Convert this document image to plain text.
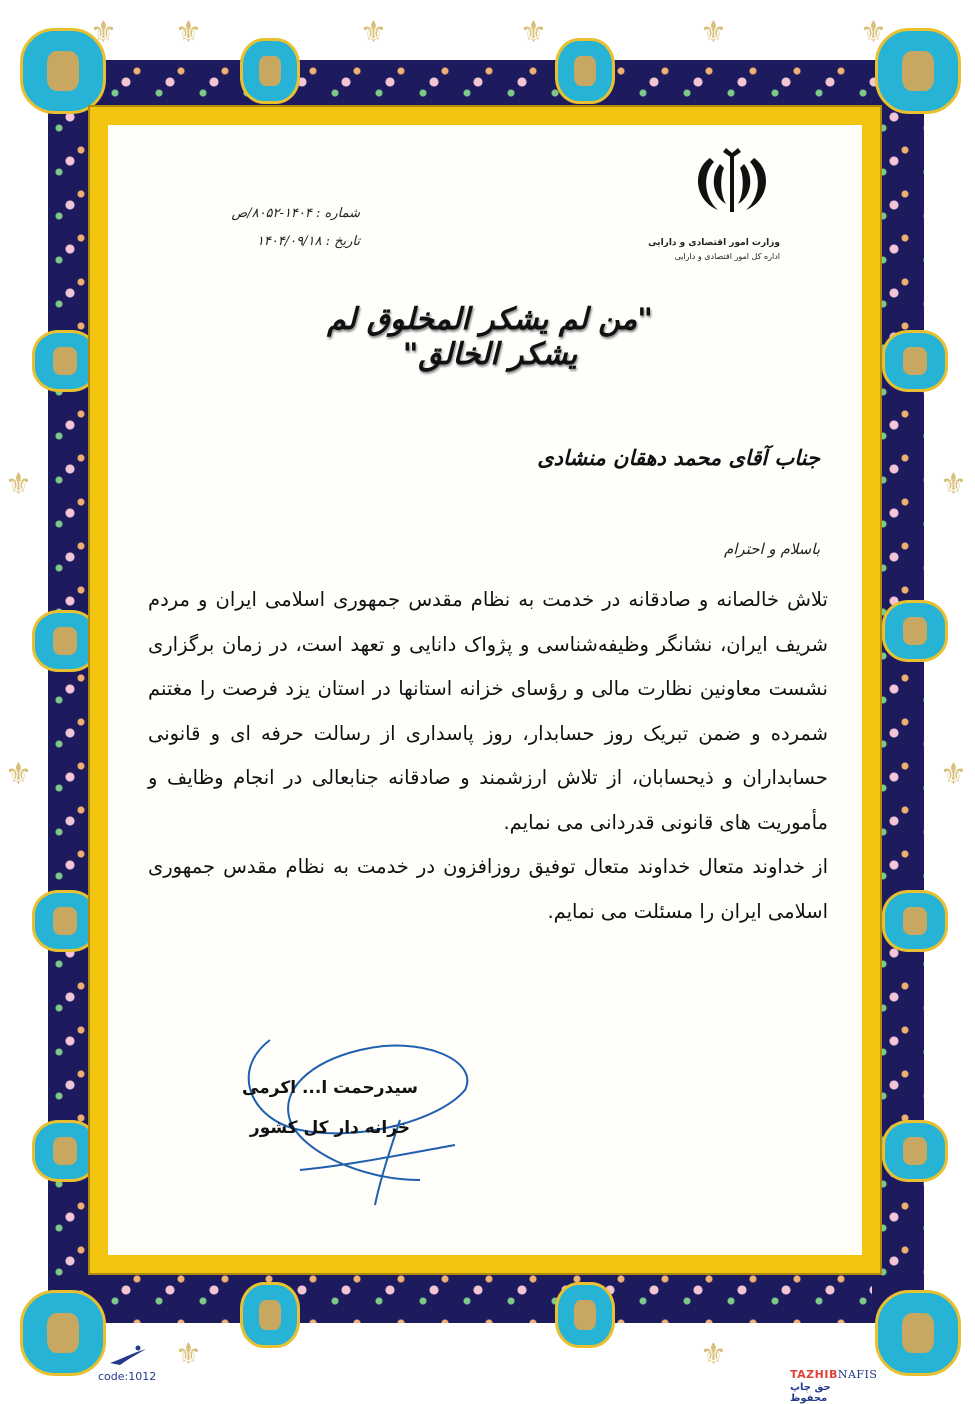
⚜ ⚜	⚜	⚜	⚜	⚜
⚜
⚜
⚜
⚜
⚜	⚜
شماره : ۱۴۰۴-۸۰۵۲/ص
تاریخ : ۱۴۰۴/۰۹/۱۸	وزارت امور اقتصادی و دارایی
اداره کل امور اقتصادی و دارایی
"من لم یشکر المخلوق لم یشکر الخالق"
جناب آقای محمد دهقان منشادی
باسلام و احترام

تلاش خالصانه و صادقانه در خدمت به نظام مقدس جمهوری اسلامی ایران و مردم شریف ایران، نشانگر وظیفه‌شناسی و پژواک دانایی و تعهد است، در زمان برگزاری نشست معاونین نظارت مالی و رؤسای خزانه استانها در استان یزد فرصت را مغتنم شمرده و ضمن تبریک روز حسابدار، روز پاسداری از رسالت حرفه ای و قانونی حسابداران و ذیحسابان، از تلاش ارزشمند و صادقانه جنابعالی در انجام وظایف و مأموریت های قانونی قدردانی می نمایم.

از خداوند متعال خداوند متعال توفیق روزافزون در خدمت به نظام مقدس جمهوری اسلامی ایران را مسئلت می نمایم.

سیدرحمت ا... اکرمی
خزانه دار کل کشور
code:1012	TAZHIBNAFIS
حق چاپ محفوظ
